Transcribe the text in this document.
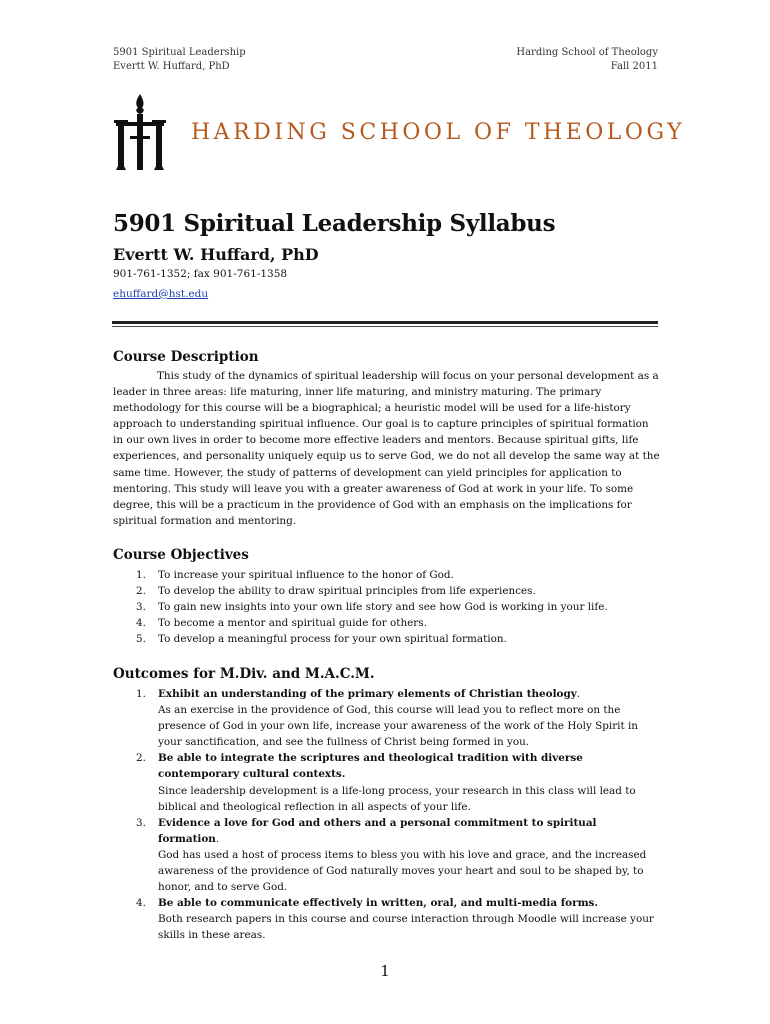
5901 Spiritual Leadership
Evertt W. Huffard, PhD
Harding School of Theology
Fall 2011
HARDING SCHOOL OF THEOLOGY
5901 Spiritual Leadership Syllabus
Evertt W. Huffard, PhD
901-761-1352; fax 901-761-1358
ehuffard@hst.edu
Course Description

This study of the dynamics of spiritual leadership will focus on your personal development as a leader in three areas: life maturing, inner life maturing, and ministry maturing. The primary methodology for this course will be a biographical; a heuristic model will be used for a life-history approach to understanding spiritual influence. Our goal is to capture principles of spiritual formation in our own lives in order to become more effective leaders and mentors. Because spiritual gifts, life experiences, and personality uniquely equip us to serve God, we do not all develop the same way at the same time. However, the study of patterns of development can yield principles for application to mentoring. This study will leave you with a greater awareness of God at work in your life. To some degree, this will be a practicum in the providence of God with an emphasis on the implications for spiritual formation and mentoring.

Course Objectives
1. To increase your spiritual influence to the honor of God.
2. To develop the ability to draw spiritual principles from life experiences.
3. To gain new insights into your own life story and see how God is working in your life.
4. To become a mentor and spiritual guide for others.
5. To develop a meaningful process for your own spiritual formation.
Outcomes for M.Div. and M.A.C.M.
1. Exhibit an understanding of the primary elements of Christian theology.
As an exercise in the providence of God, this course will lead you to reflect more on the presence of God in your own life, increase your awareness of the work of the Holy Spirit in your sanctification, and see the fullness of Christ being formed in you.
2. Be able to integrate the scriptures and theological tradition with diverse contemporary cultural contexts.
Since leadership development is a life-long process, your research in this class will lead to biblical and theological reflection in all aspects of your life.
3. Evidence a love for God and others and a personal commitment to spiritual formation.
God has used a host of process items to bless you with his love and grace, and the increased awareness of the providence of God naturally moves your heart and soul to be shaped by, to honor, and to serve God.
4. Be able to communicate effectively in written, oral, and multi-media forms.
Both research papers in this course and course interaction through Moodle will increase your skills in these areas.
1
